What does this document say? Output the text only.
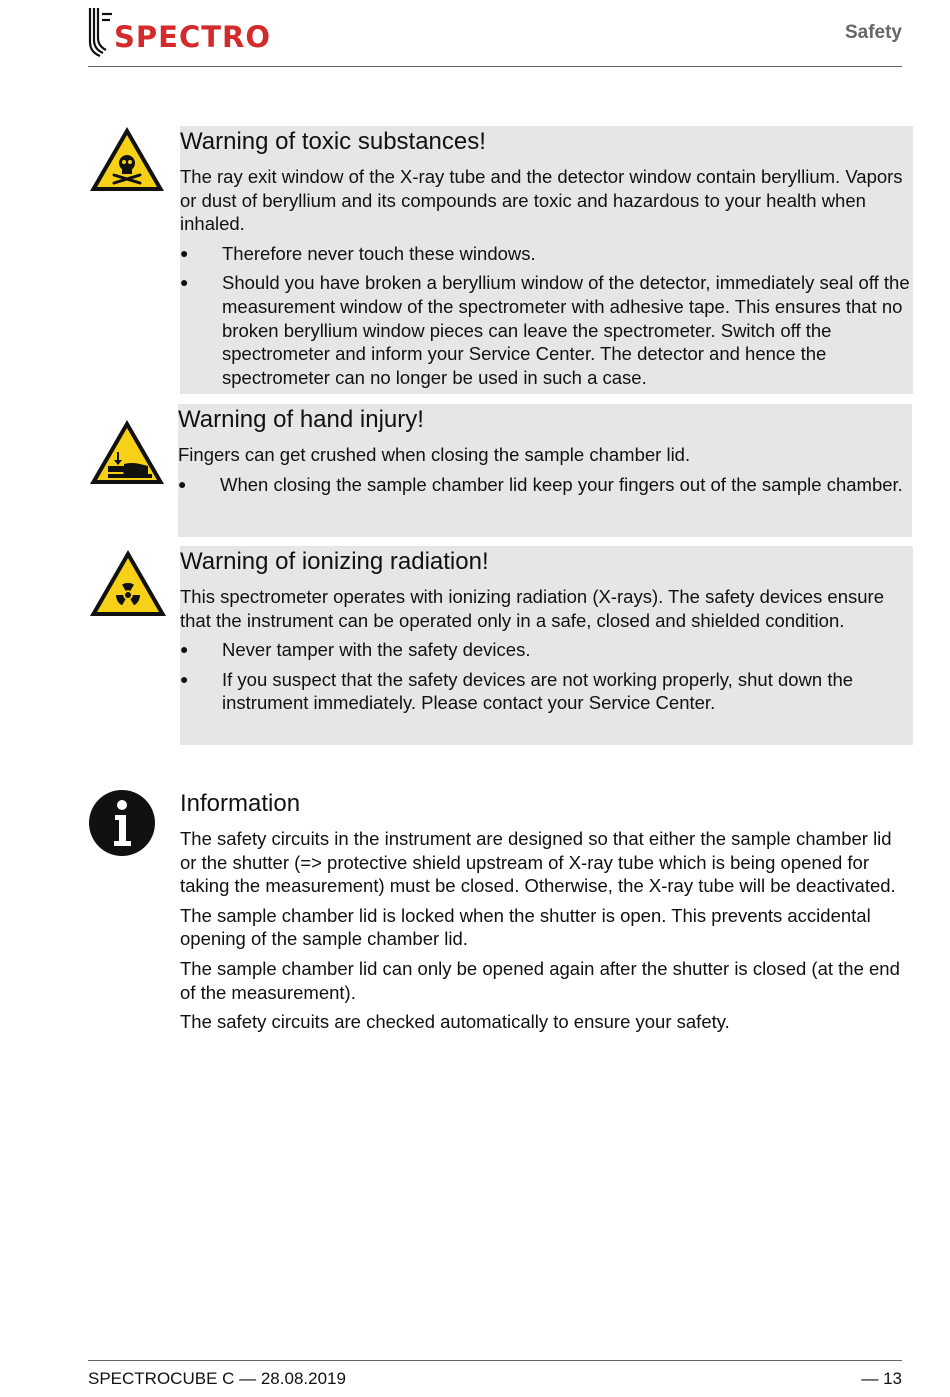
SPECTRO	Safety
Warning of toxic substances!

The ray exit window of the X-ray tube and the detector window contain beryllium. Vapors or dust of beryllium and its compounds are toxic and hazardous to your health when inhaled.

● Therefore never touch these windows.
● Should you have broken a beryllium window of the detector, immediately seal off the measurement window of the spectrometer with adhesive tape. This ensures that no broken beryllium window pieces can leave the spectrometer. Switch off the spectrometer and inform your Service Center. The detector and hence the spectrometer can no longer be used in such a case.
Warning of hand injury!

Fingers can get crushed when closing the sample chamber lid.

● When closing the sample chamber lid keep your fingers out of the sample chamber.
Warning of ionizing radiation!

This spectrometer operates with ionizing radiation (X-rays). The safety devices ensure that the instrument can be operated only in a safe, closed and shielded condition.

● Never tamper with the safety devices.
● If you suspect that the safety devices are not working properly, shut down the instrument immediately. Please contact your Service Center.
Information

The safety circuits in the instrument are designed so that either the sample chamber lid or the shutter (=> protective shield upstream of X-ray tube which is being opened for taking the measurement) must be closed. Otherwise, the X-ray tube will be deactivated.

The sample chamber lid is locked when the shutter is open. This prevents accidental opening of the sample chamber lid.

The sample chamber lid can only be opened again after the shutter is closed (at the end of the measurement).

The safety circuits are checked automatically to ensure your safety.

SPECTROCUBE C — 28.08.2019	— 13
